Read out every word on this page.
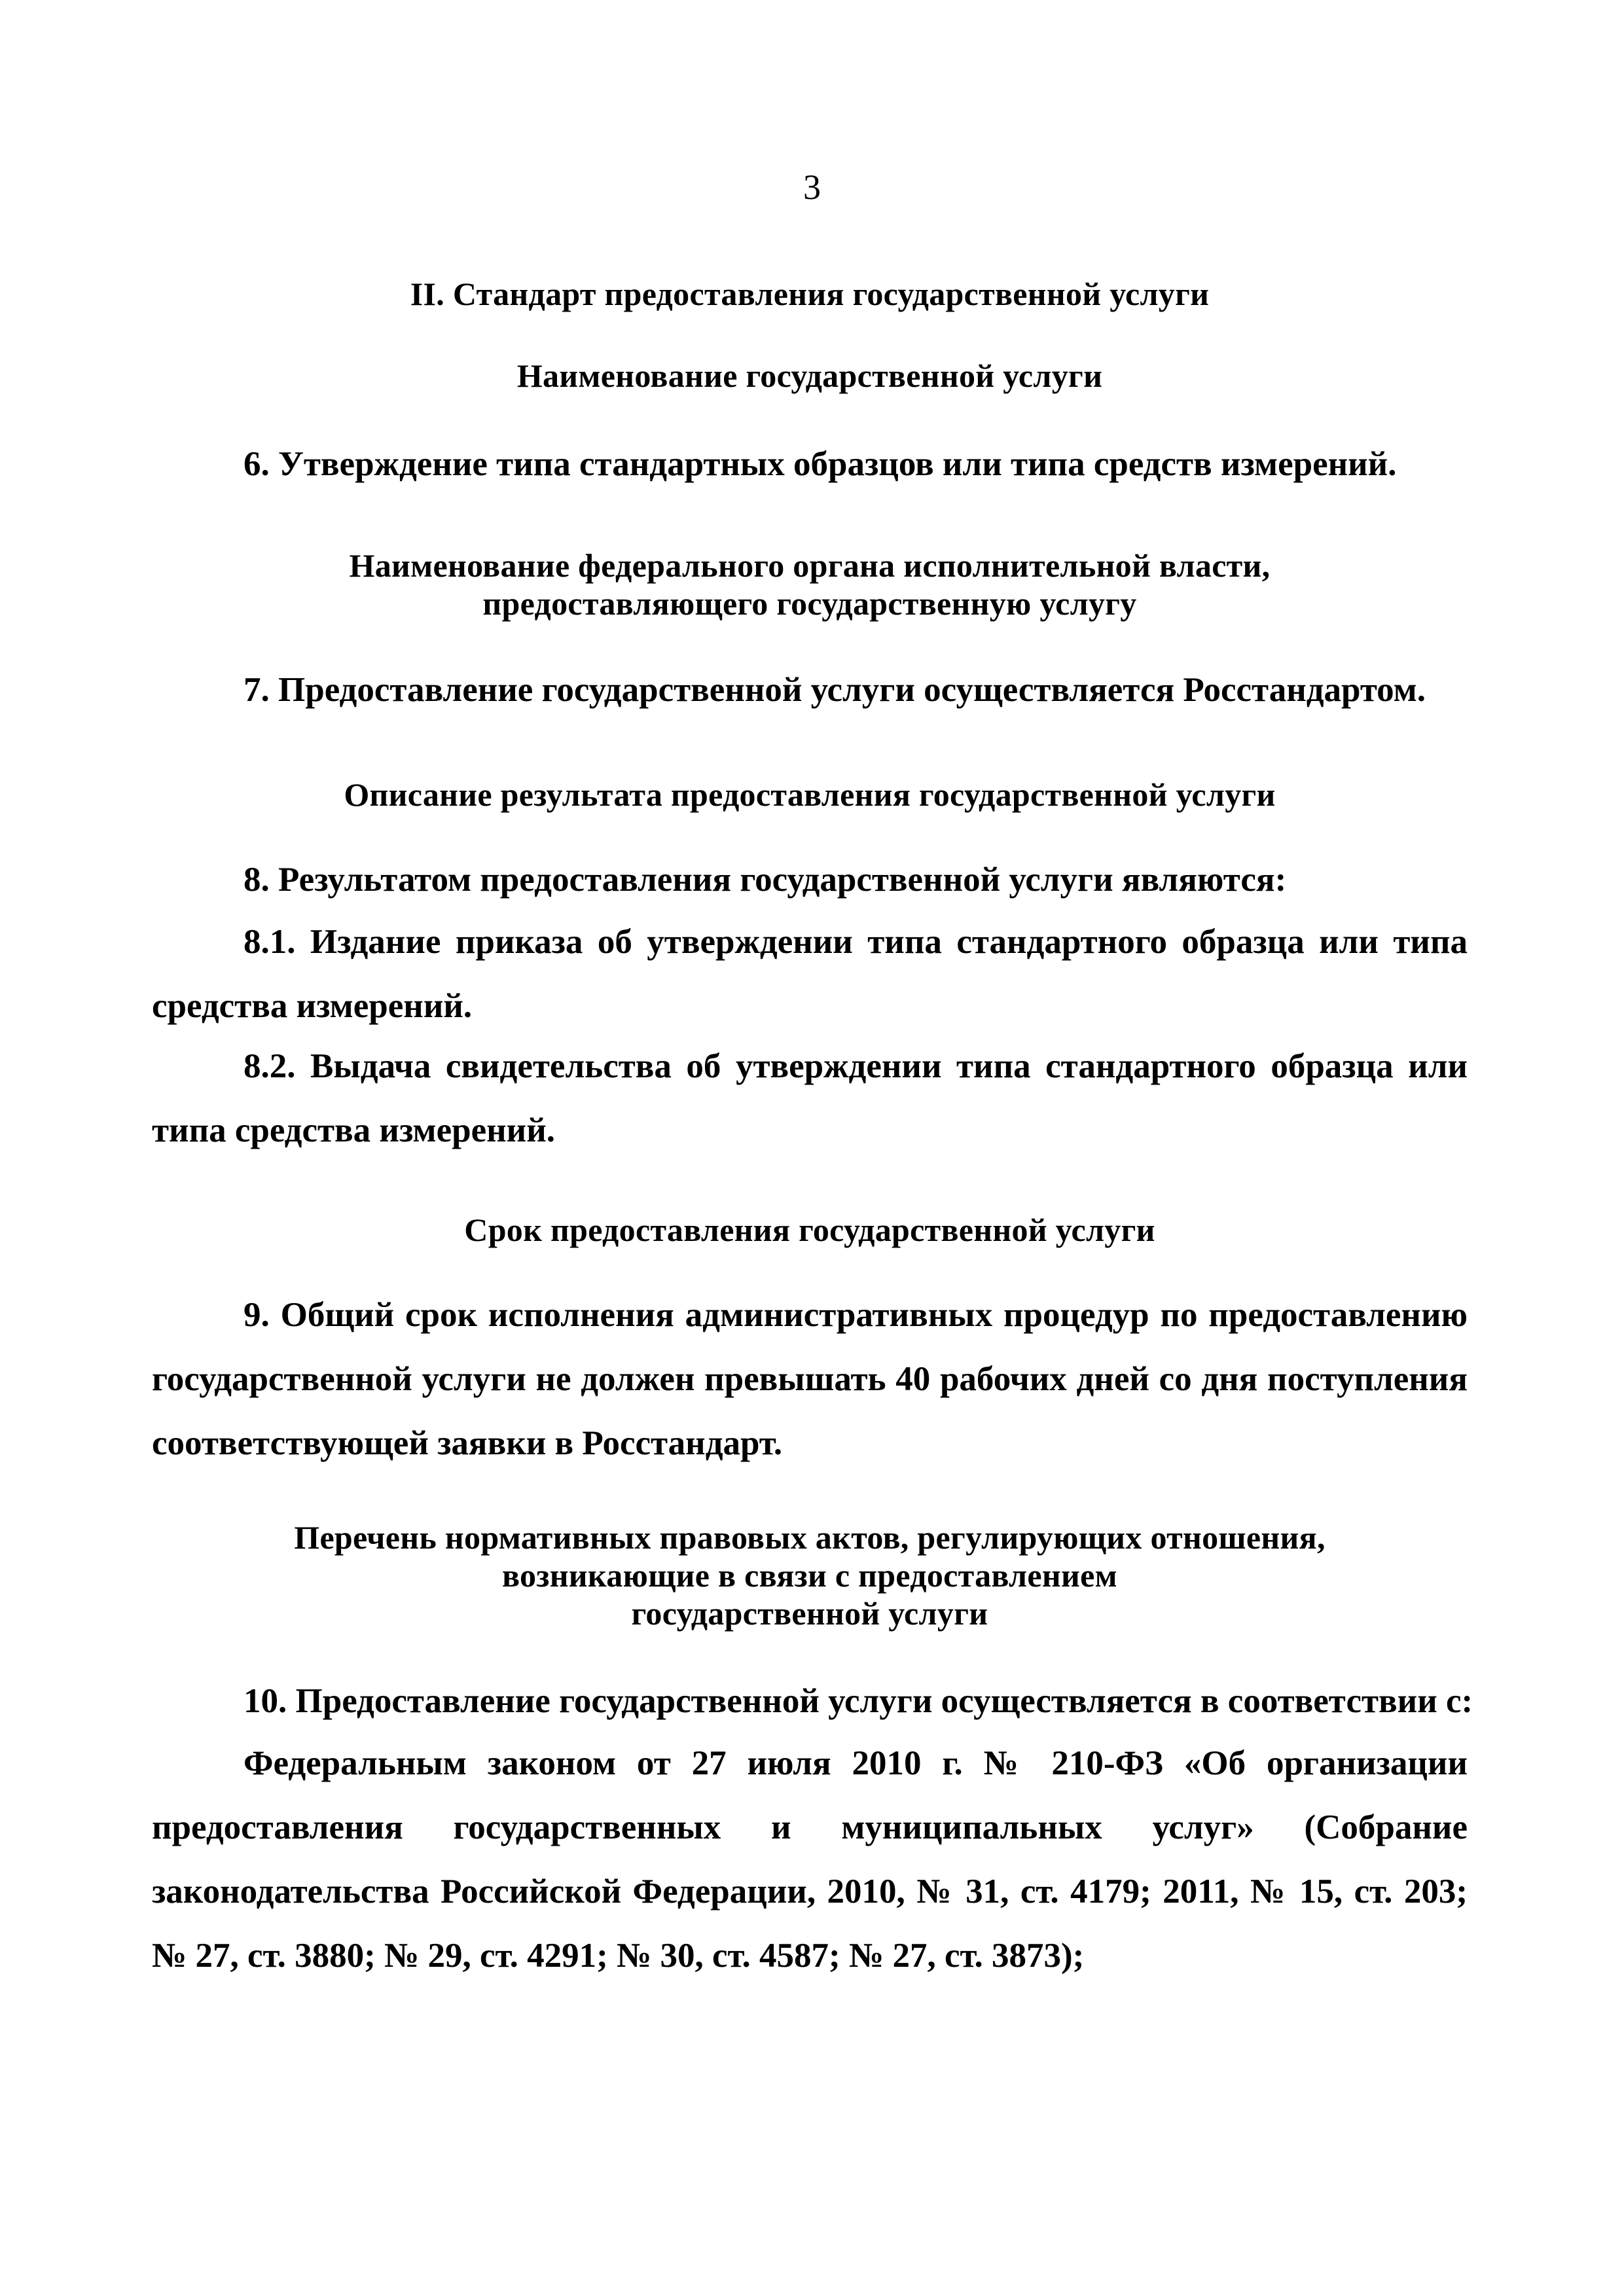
3
II. Стандарт предоставления государственной услуги
Наименование государственной услуги
6. Утверждение типа стандартных образцов или типа средств измерений.
Наименование федерального органа исполнительной власти,
предоставляющего государственную услугу
7. Предоставление государственной услуги осуществляется Росстандартом.
Описание результата предоставления государственной услуги
8. Результатом предоставления государственной услуги являются:
8.1. Издание приказа об утверждении типа стандартного образца или типа средства измерений.
8.2. Выдача свидетельства об утверждении типа стандартного образца или типа средства измерений.
Срок предоставления государственной услуги
9. Общий срок исполнения административных процедур по предоставлению государственной услуги не должен превышать 40 рабочих дней со дня поступления соответствующей заявки в Росстандарт.
Перечень нормативных правовых актов, регулирующих отношения,
возникающие в связи с предоставлением
государственной услуги
10. Предоставление государственной услуги осуществляется в соответствии с:
Федеральным законом от 27 июля 2010 г. № 210-ФЗ «Об организации предоставления государственных и муниципальных услуг» (Собрание законодательства Российской Федерации, 2010, № 31, ст. 4179; 2011, № 15, ст. 203; № 27, ст. 3880; № 29, ст. 4291; № 30, ст. 4587; № 27, ст. 3873);
